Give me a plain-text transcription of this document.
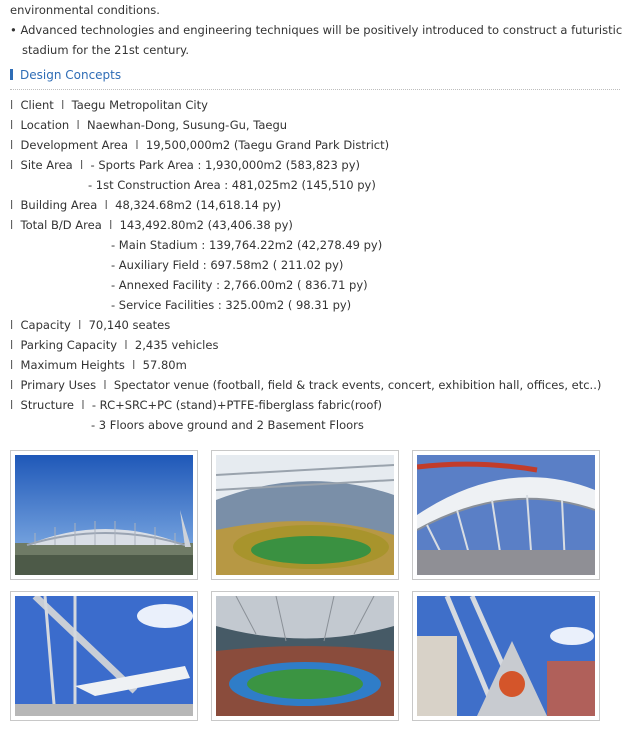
environmental conditions.
• Advanced technologies and engineering techniques will be positively introduced to construct a futuristic
stadium for the 21st century.
Design Concepts
l Client l Taegu Metropolitan City
l Location l Naewhan-Dong, Susung-Gu, Taegu
l Development Area l 19,500,000m2 (Taegu Grand Park District)
l Site Area l - Sports Park Area : 1,930,000m2 (583,823 py)
- 1st Construction Area : 481,025m2 (145,510 py)
l Building Area l 48,324.68m2 (14,618.14 py)
l Total B/D Area l 143,492.80m2 (43,406.38 py)
- Main Stadium : 139,764.22m2 (42,278.49 py)
- Auxiliary Field : 697.58m2 ( 211.02 py)
- Annexed Facility : 2,766.00m2 ( 836.71 py)
- Service Facilities : 325.00m2 ( 98.31 py)
l Capacity l 70,140 seates
l Parking Capacity l 2,435 vehicles
l Maximum Heights l 57.80m
l Primary Uses l Spectator venue (football, field & track events, concert, exhibition hall, offices, etc..)
l Structure l - RC+SRC+PC (stand)+PTFE-fiberglass fabric(roof)
- 3 Floors above ground and 2 Basement Floors
